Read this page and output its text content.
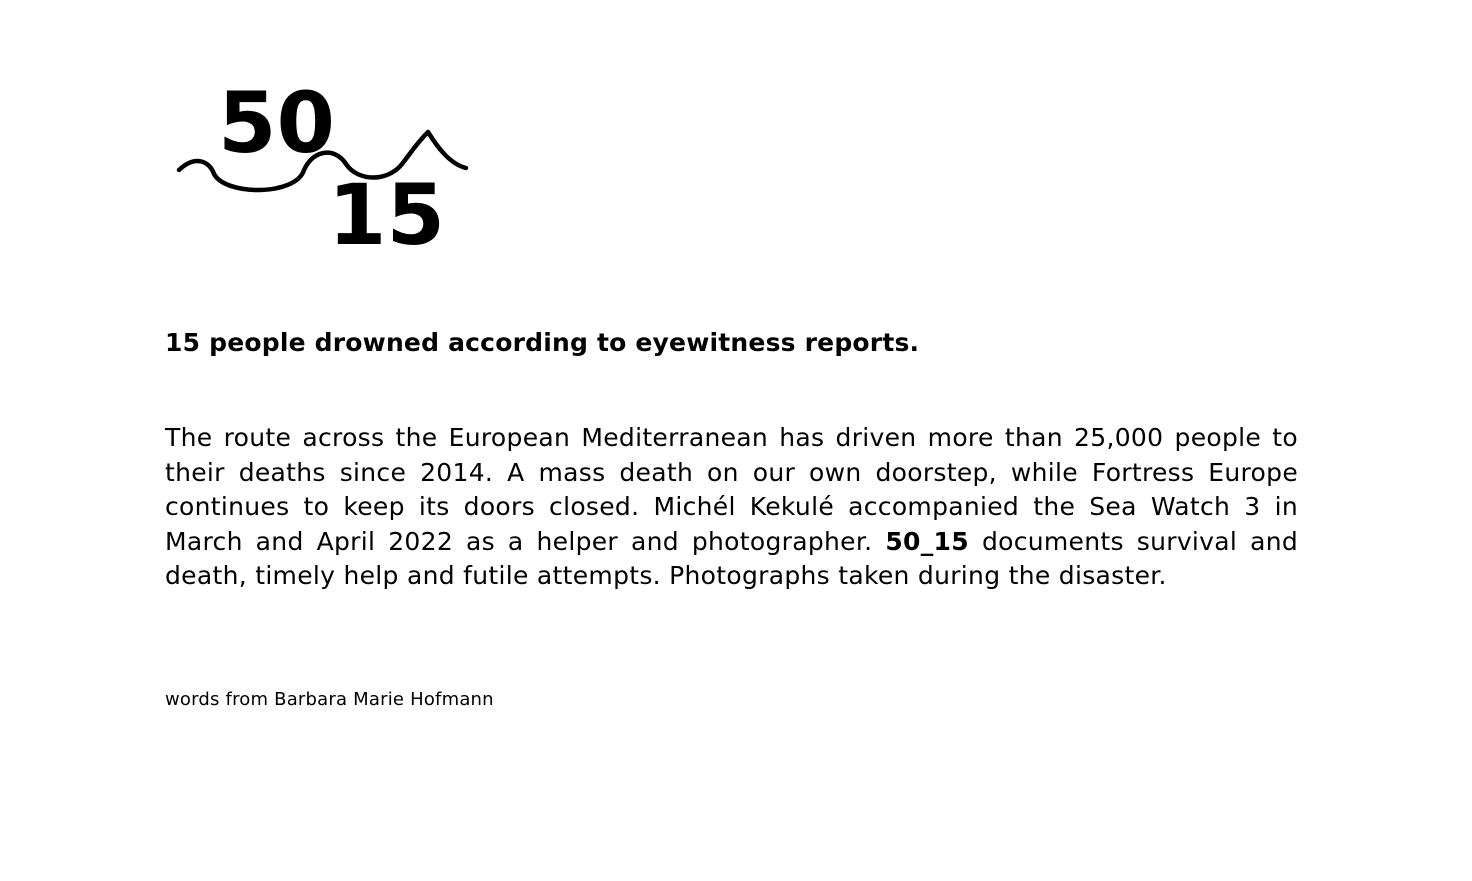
50
15
15 people drowned according to eyewitness reports.

The route across the European Mediterranean has driven more than 25,000 people to their deaths since 2014. A mass death on our own doorstep, while Fortress Europe continues to keep its doors closed. Michél Kekulé accompanied the Sea Watch 3 in March and April 2022 as a helper and photographer. 50_15 documents survival and death, timely help and futile attempts. Photographs taken during the disaster.

words from Barbara Marie Hofmann
